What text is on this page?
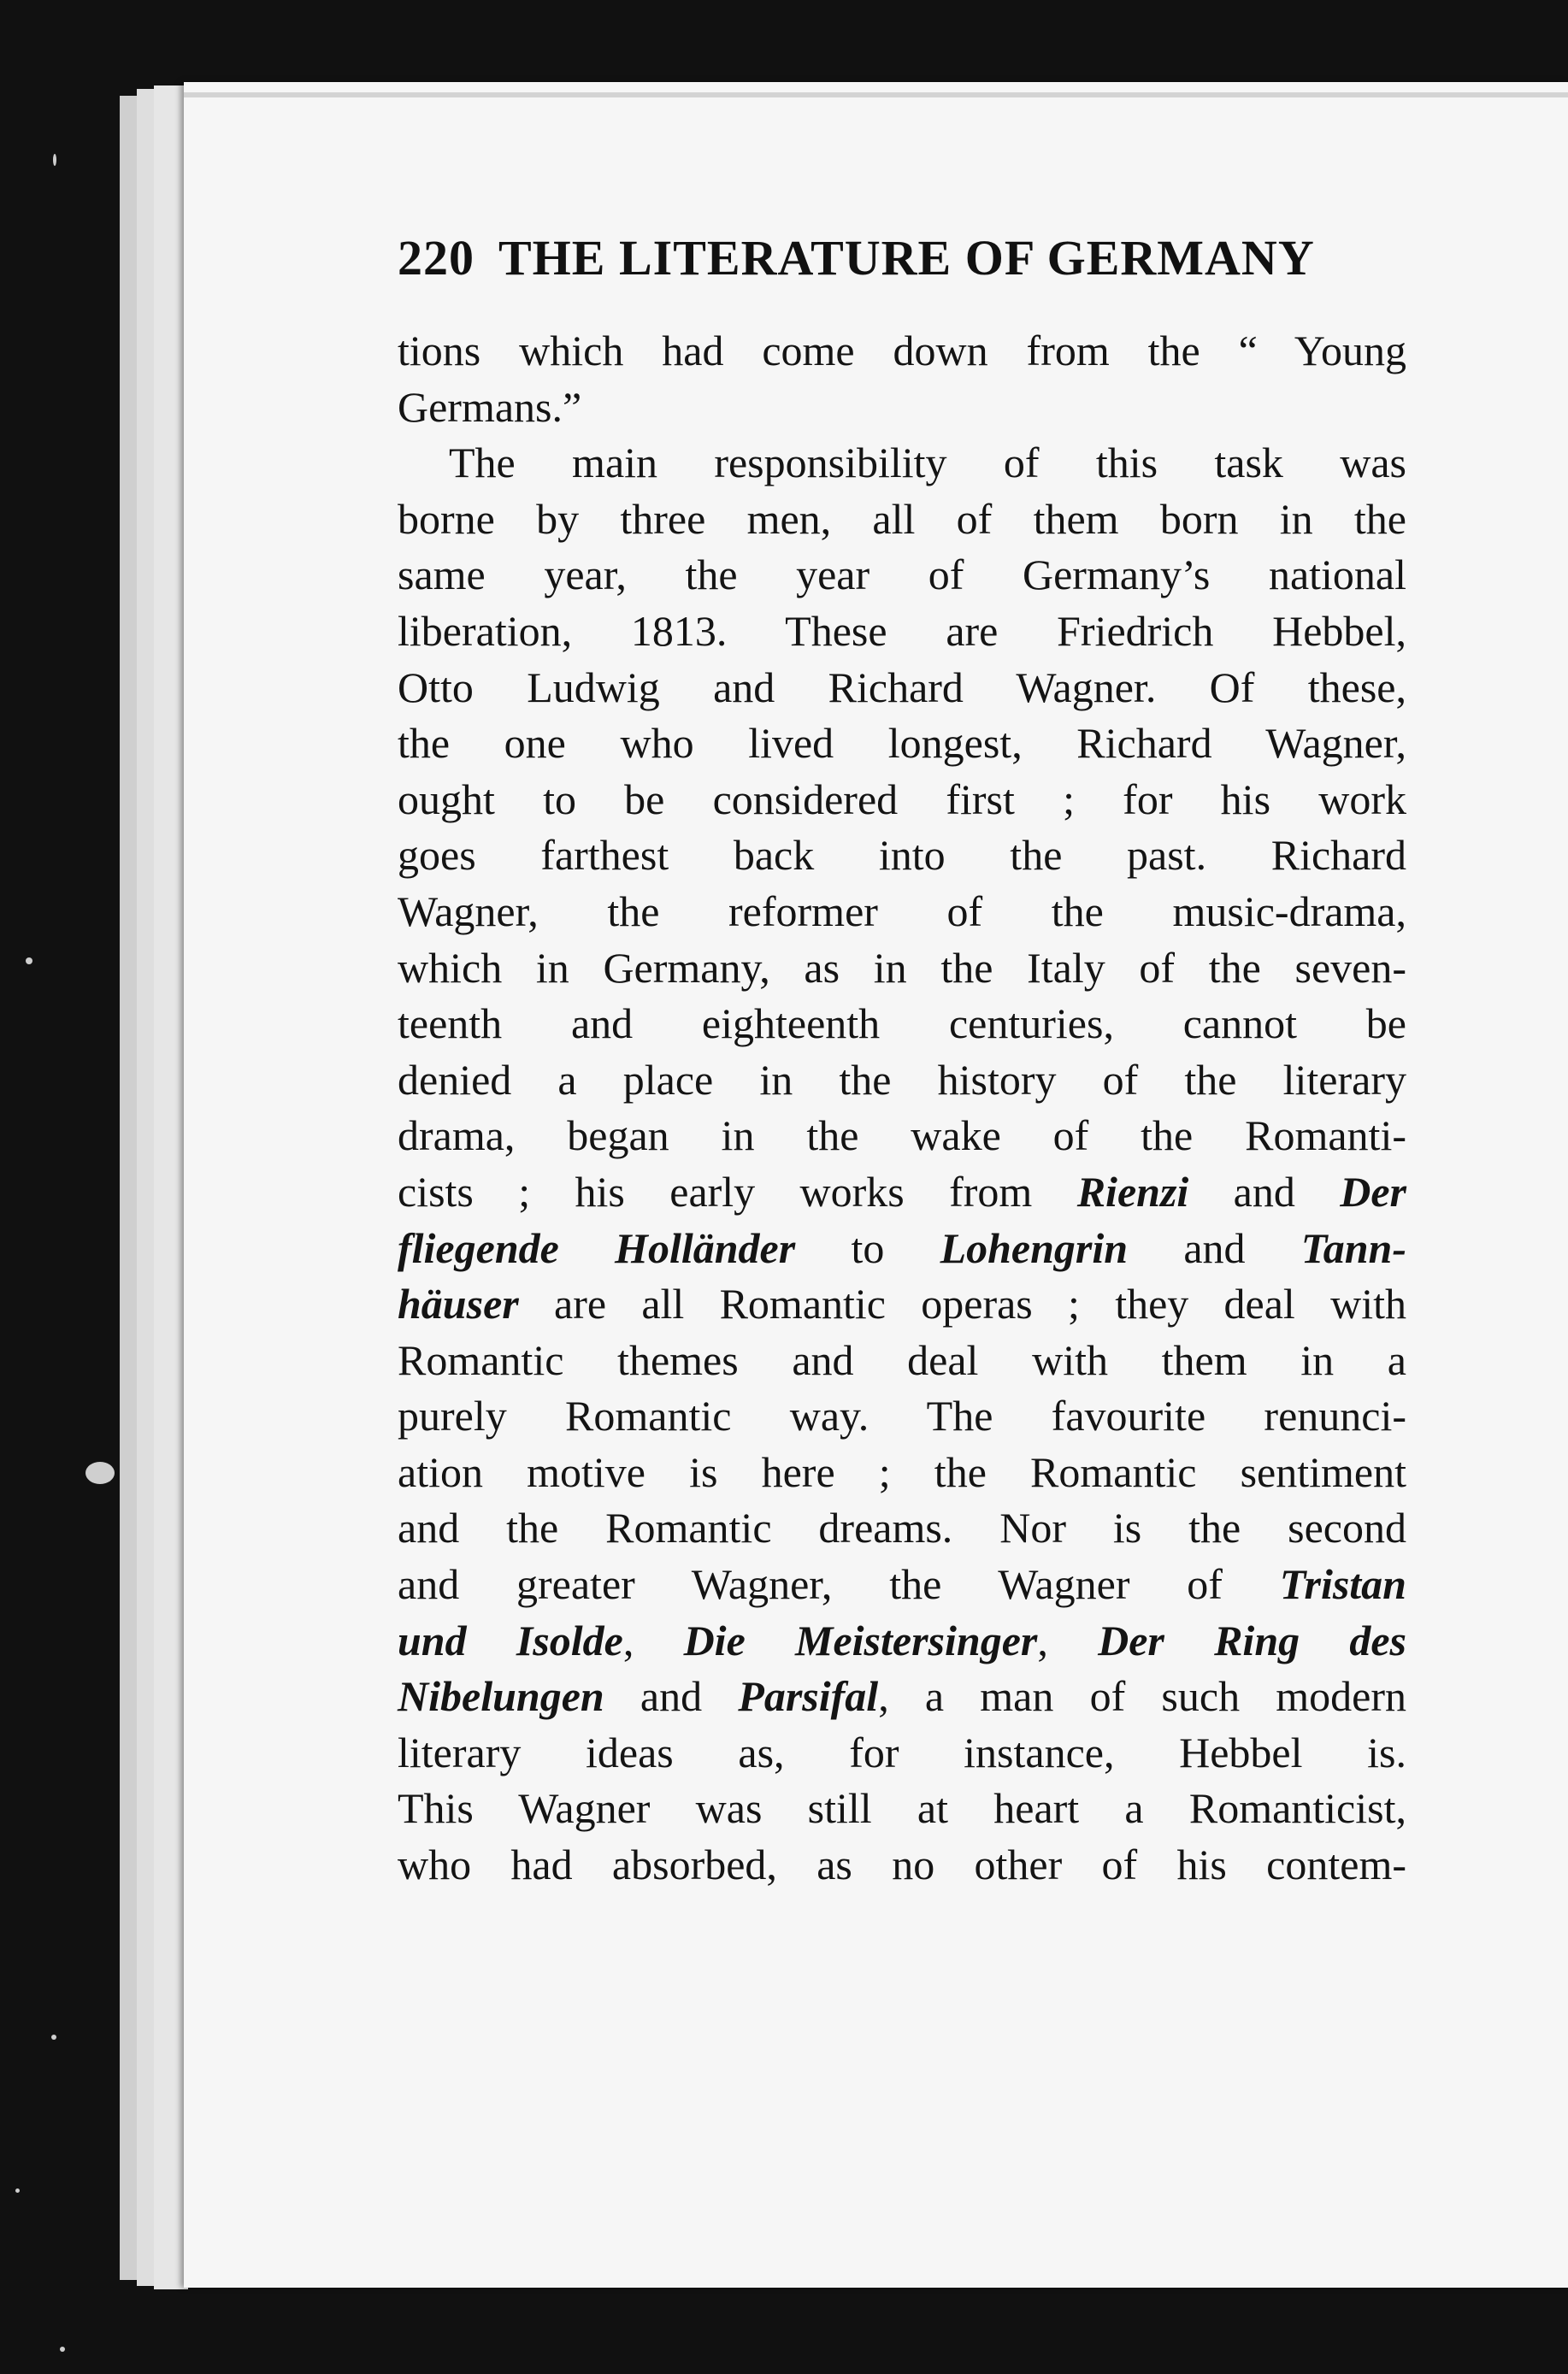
220 THE LITERATURE OF GERMANY
tions which had come down from the “ Young
Germans.”
The main responsibility of this task was
borne by three men, all of them born in the
same year, the year of Germany’s national
liberation, 1813. These are Friedrich Hebbel,
Otto Ludwig and Richard Wagner. Of these,
the one who lived longest, Richard Wagner,
ought to be considered first ; for his work
goes farthest back into the past. Richard
Wagner, the reformer of the music-drama,
which in Germany, as in the Italy of the seven-
teenth and eighteenth centuries, cannot be
denied a place in the history of the literary
drama, began in the wake of the Romanti-
cists ; his early works from Rienzi and Der
fliegende Holländer to Lohengrin and Tann-
häuser are all Romantic operas ; they deal with
Romantic themes and deal with them in a
purely Romantic way. The favourite renunci-
ation motive is here ; the Romantic sentiment
and the Romantic dreams. Nor is the second
and greater Wagner, the Wagner of Tristan
und Isolde, Die Meistersinger, Der Ring des
Nibelungen and Parsifal, a man of such modern
literary ideas as, for instance, Hebbel is.
This Wagner was still at heart a Romanticist,
who had absorbed, as no other of his contem-
